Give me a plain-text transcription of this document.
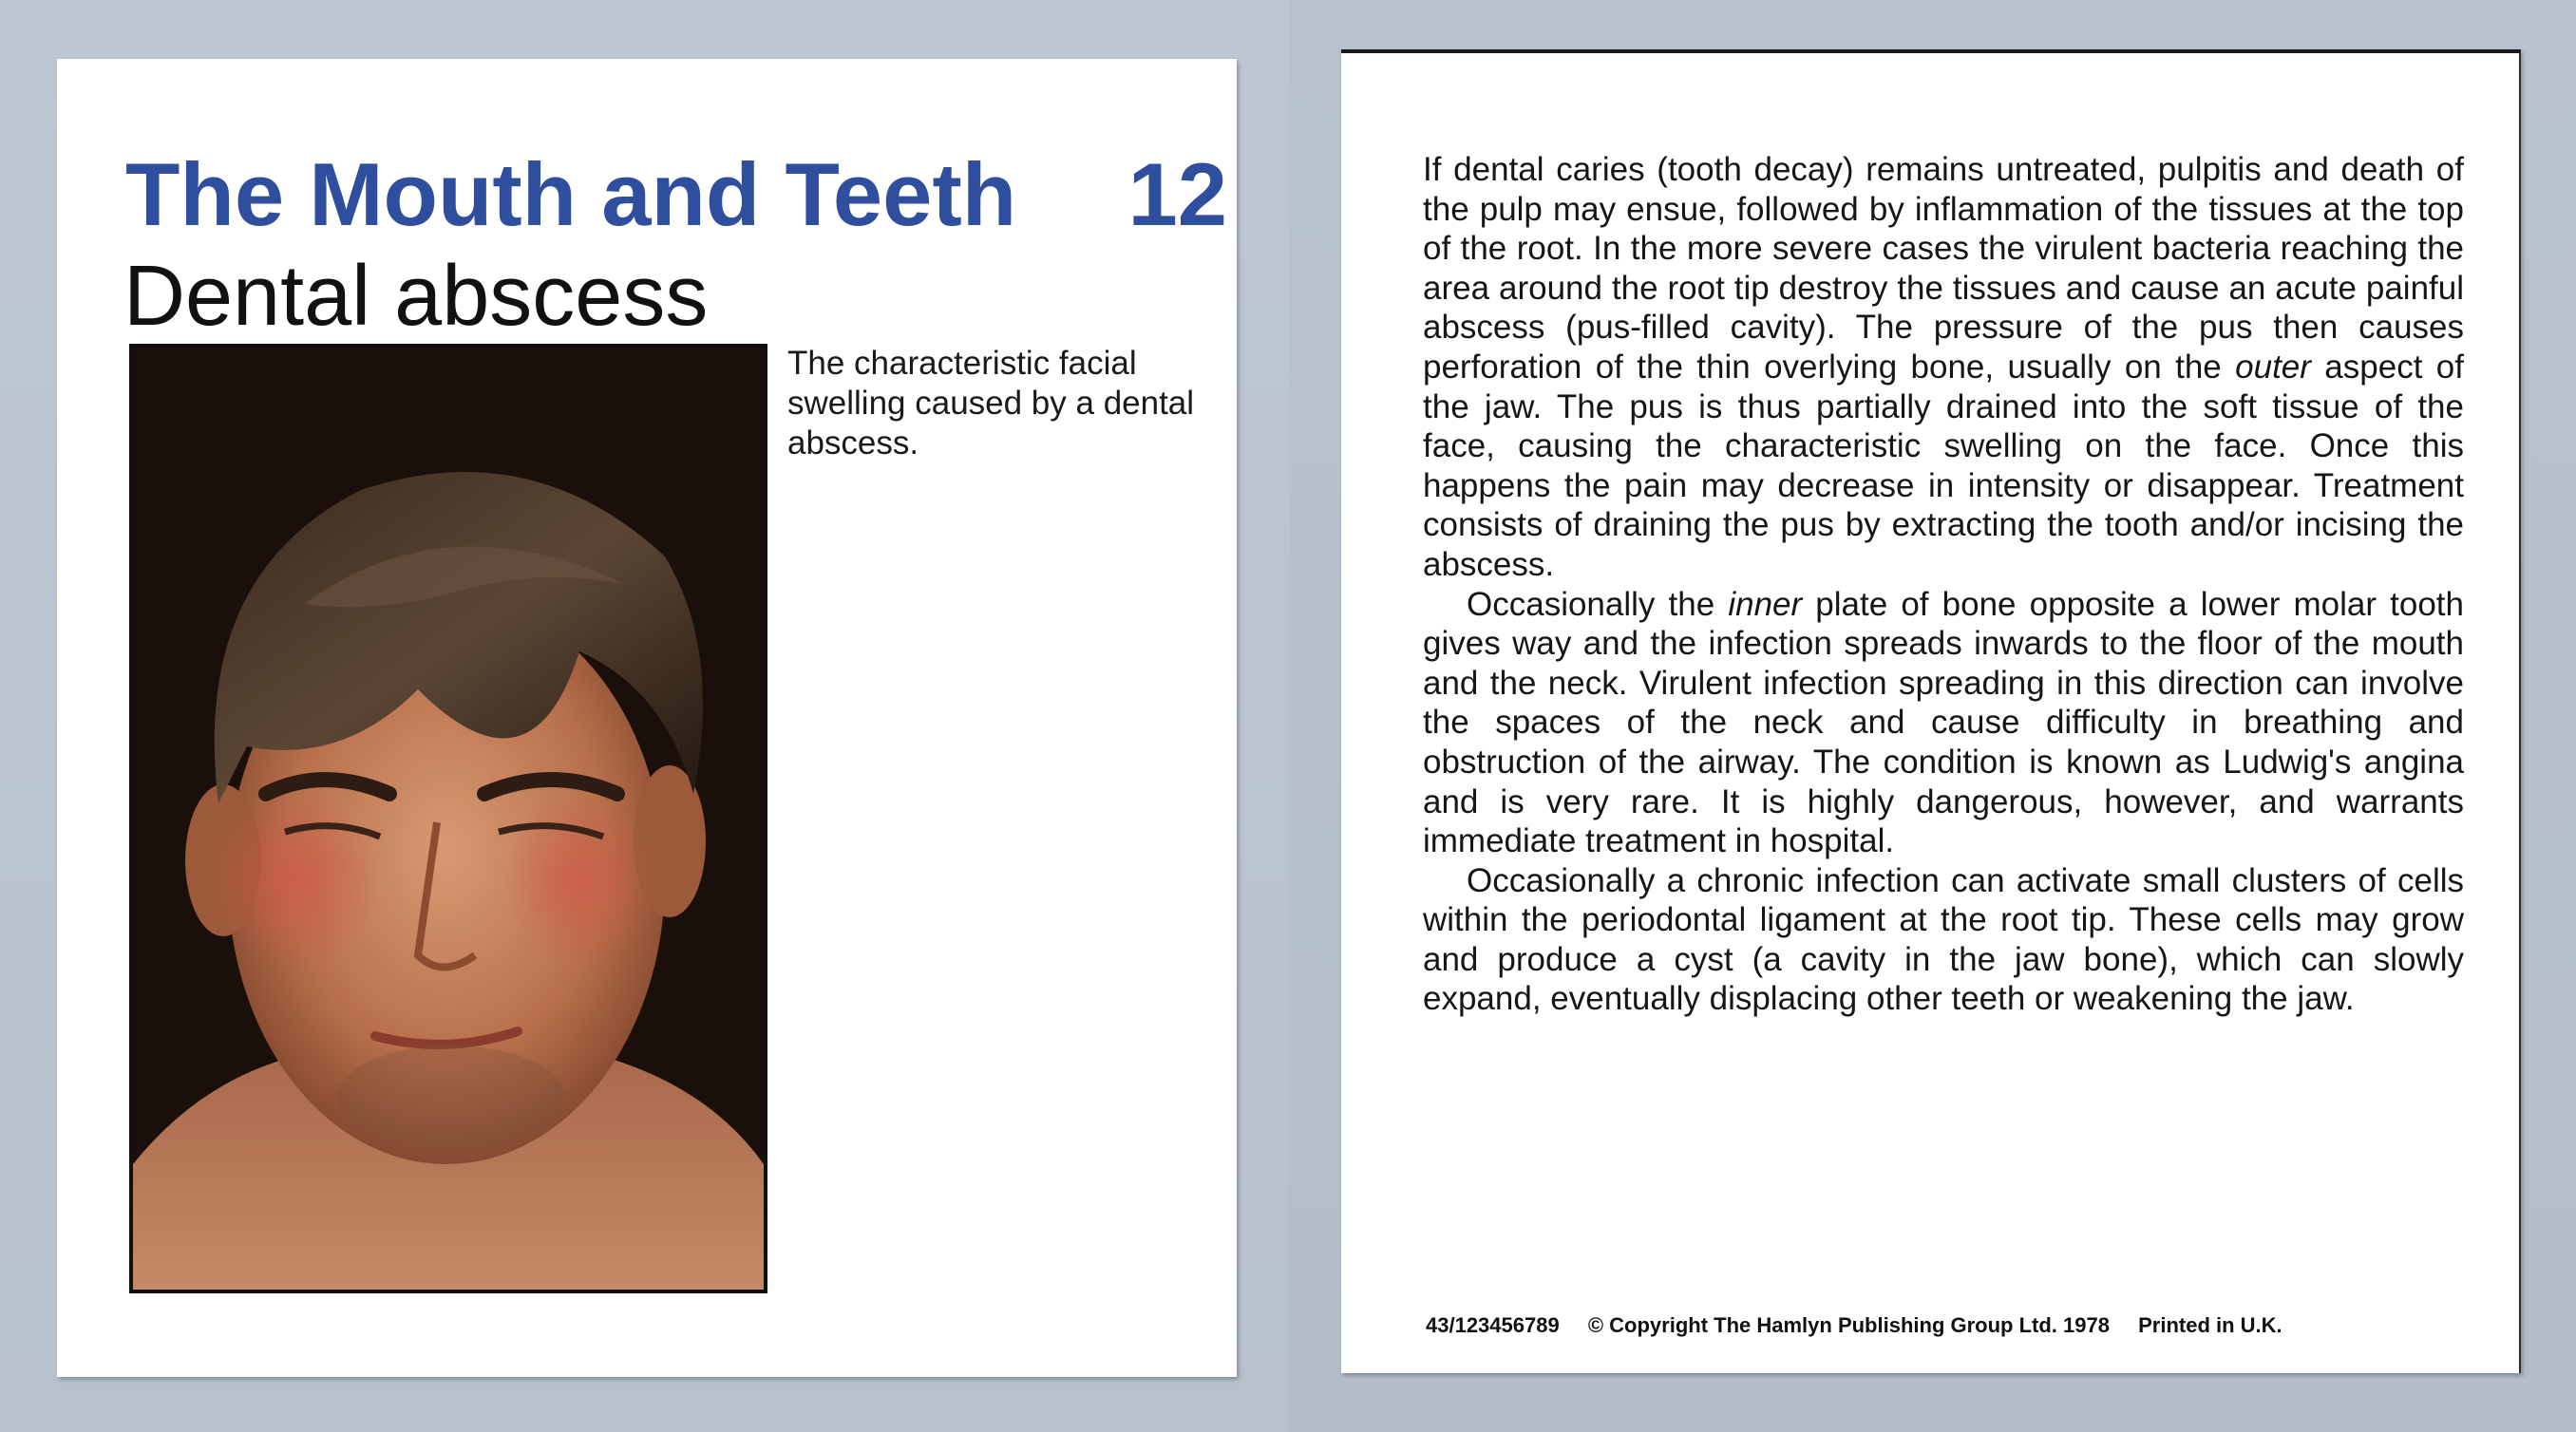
The Mouth and Teeth 12
Dental abscess
The characteristic facial swelling caused by a dental abscess.

If dental caries (tooth decay) remains untreated, pulpitis and death of the pulp may ensue, followed by inflammation of the tissues at the top of the root. In the more severe cases the virulent bacteria reaching the area around the root tip destroy the tissues and cause an acute painful abscess (pus-filled cavity). The pressure of the pus then causes perforation of the thin overlying bone, usually on the outer aspect of the jaw. The pus is thus partially drained into the soft tissue of the face, causing the characteristic swelling on the face. Once this happens the pain may decrease in intensity or disappear. Treatment consists of draining the pus by extracting the tooth and/or incising the abscess.

Occasionally the inner plate of bone opposite a lower molar tooth gives way and the infection spreads inwards to the floor of the mouth and the neck. Virulent infection spreading in this direction can involve the spaces of the neck and cause difficulty in breathing and obstruction of the airway. The condition is known as Ludwig's angina and is very rare. It is highly dangerous, however, and warrants immediate treatment in hospital.

Occasionally a chronic infection can activate small clusters of cells within the periodontal ligament at the root tip. These cells may grow and produce a cyst (a cavity in the jaw bone), which can slowly expand, eventually displacing other teeth or weakening the jaw.

43/123456789 © Copyright The Hamlyn Publishing Group Ltd. 1978 Printed in U.K.
